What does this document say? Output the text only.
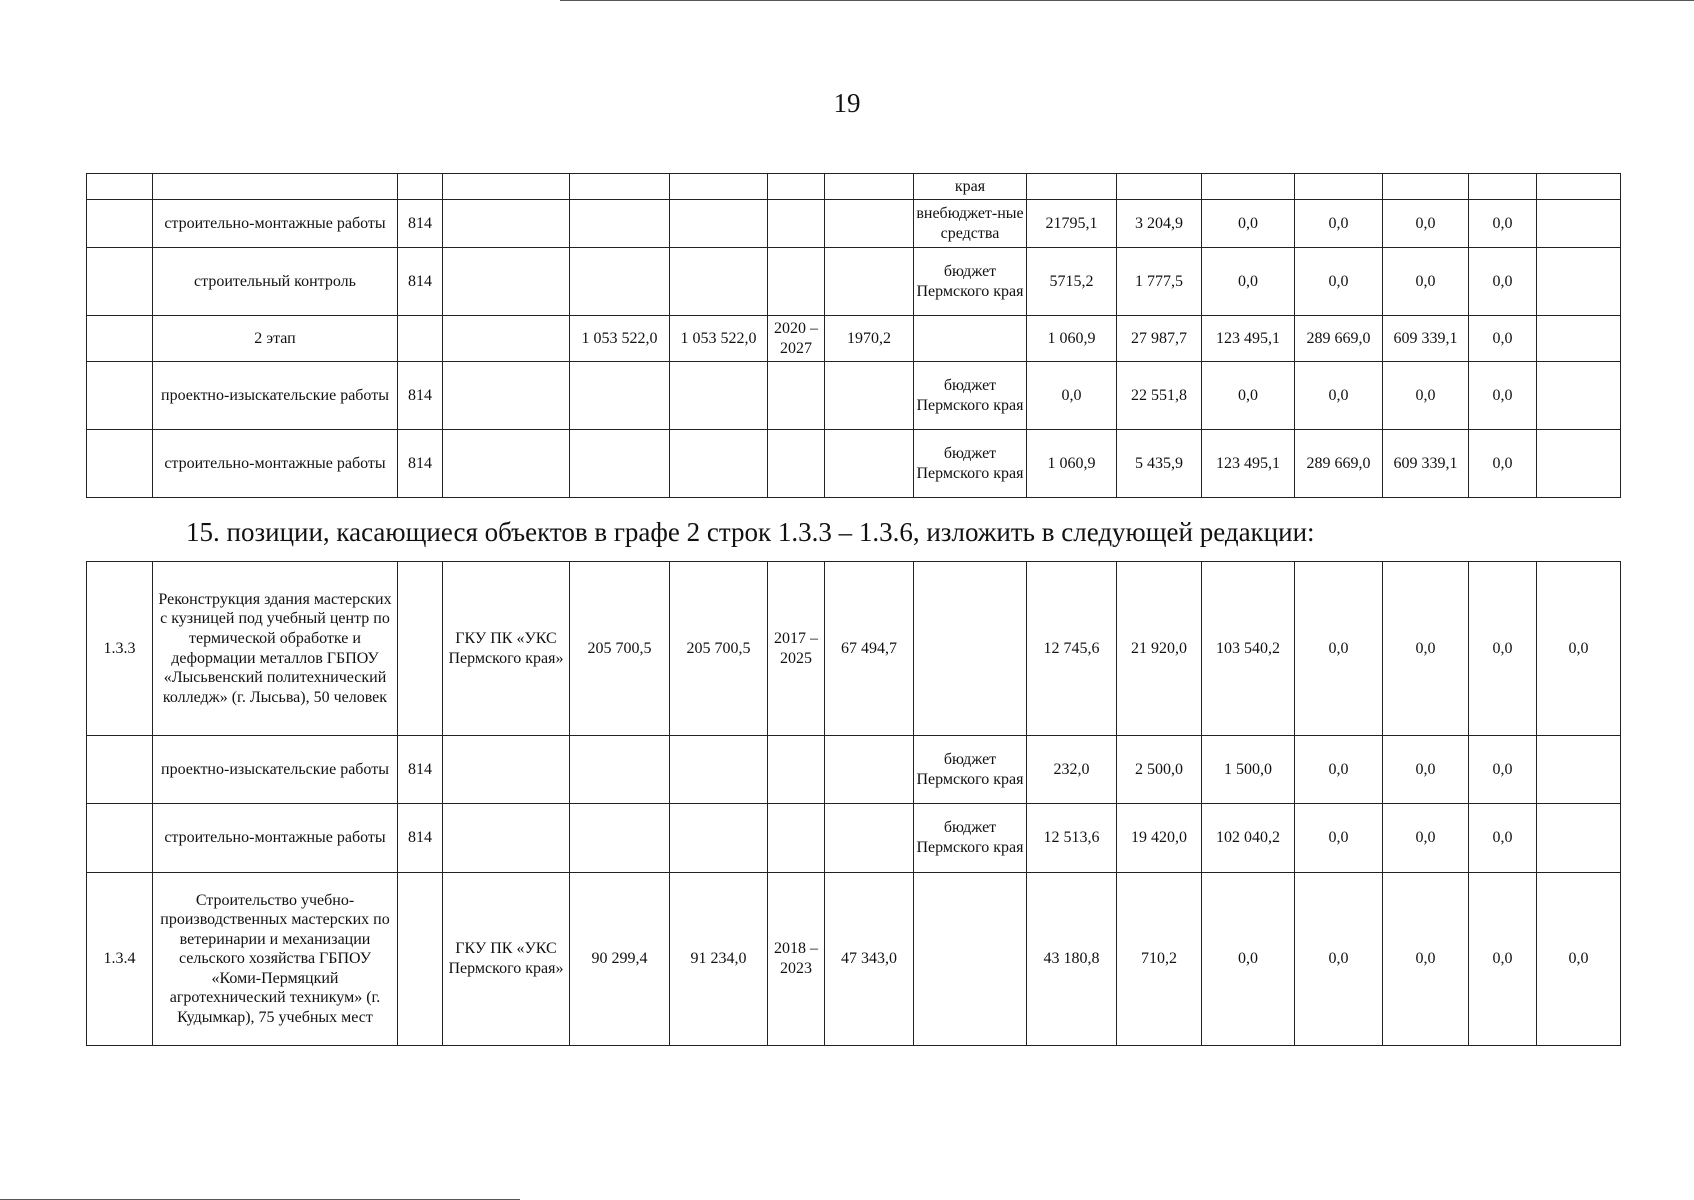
19
								края							
	строительно-монтажные работы	814						внебюджет-ные средства	21795,1	3 204,9	0,0	0,0	0,0	0,0	
	строительный контроль	814						бюджет Пермского края	5715,2	1 777,5	0,0	0,0	0,0	0,0	
	2 этап			1 053 522,0	1 053 522,0	2020 – 2027	1970,2		1 060,9	27 987,7	123 495,1	289 669,0	609 339,1	0,0	
	проектно-изыскательские работы	814						бюджет Пермского края	0,0	22 551,8	0,0	0,0	0,0	0,0	
	строительно-монтажные работы	814						бюджет Пермского края	1 060,9	5 435,9	123 495,1	289 669,0	609 339,1	0,0	
15. позиции, касающиеся объектов в графе 2 строк 1.3.3 – 1.3.6, изложить в следующей редакции:
1.3.3	Реконструкция здания мастерских с кузницей под учебный центр по термической обработке и деформации металлов ГБПОУ «Лысьвенский политехнический колледж» (г. Лысьва), 50 человек		ГКУ ПК «УКС Пермского края»	205 700,5	205 700,5	2017 – 2025	67 494,7		12 745,6	21 920,0	103 540,2	0,0	0,0	0,0	0,0
	проектно-изыскательские работы	814						бюджет Пермского края	232,0	2 500,0	1 500,0	0,0	0,0	0,0	
	строительно-монтажные работы	814						бюджет Пермского края	12 513,6	19 420,0	102 040,2	0,0	0,0	0,0	
1.3.4	Строительство учебно-производственных мастерских по ветеринарии и механизации сельского хозяйства ГБПОУ «Коми-Пермяцкий агротехнический техникум» (г. Кудымкар), 75 учебных мест		ГКУ ПК «УКС Пермского края»	90 299,4	91 234,0	2018 – 2023	47 343,0		43 180,8	710,2	0,0	0,0	0,0	0,0	0,0
